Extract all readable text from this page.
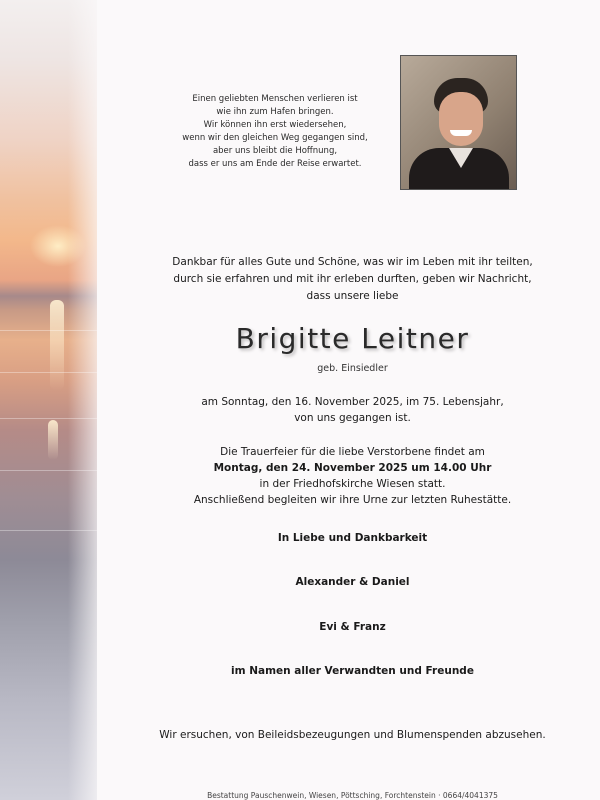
Einen geliebten Menschen verlieren ist
wie ihn zum Hafen bringen.
Wir können ihn erst wiedersehen,
wenn wir den gleichen Weg gegangen sind,
aber uns bleibt die Hoffnung,
dass er uns am Ende der Reise erwartet.
Dankbar für alles Gute und Schöne, was wir im Leben mit ihr teilten,
durch sie erfahren und mit ihr erleben durften, geben wir Nachricht,
dass unsere liebe
Brigitte Leitner
geb. Einsiedler
am Sonntag, den 16. November 2025, im 75. Lebensjahr,
von uns gegangen ist.
Die Trauerfeier für die liebe Verstorbene findet am
Montag, den 24. November 2025 um 14.00 Uhr
in der Friedhofskirche Wiesen statt.
Anschließend begleiten wir ihre Urne zur letzten Ruhestätte.
In Liebe und Dankbarkeit
Alexander & Daniel
Evi & Franz
im Namen aller Verwandten und Freunde
Wir ersuchen, von Beileidsbezeugungen und Blumenspenden abzusehen.
Bestattung Pauschenwein, Wiesen, Pöttsching, Forchtenstein · 0664/4041375
